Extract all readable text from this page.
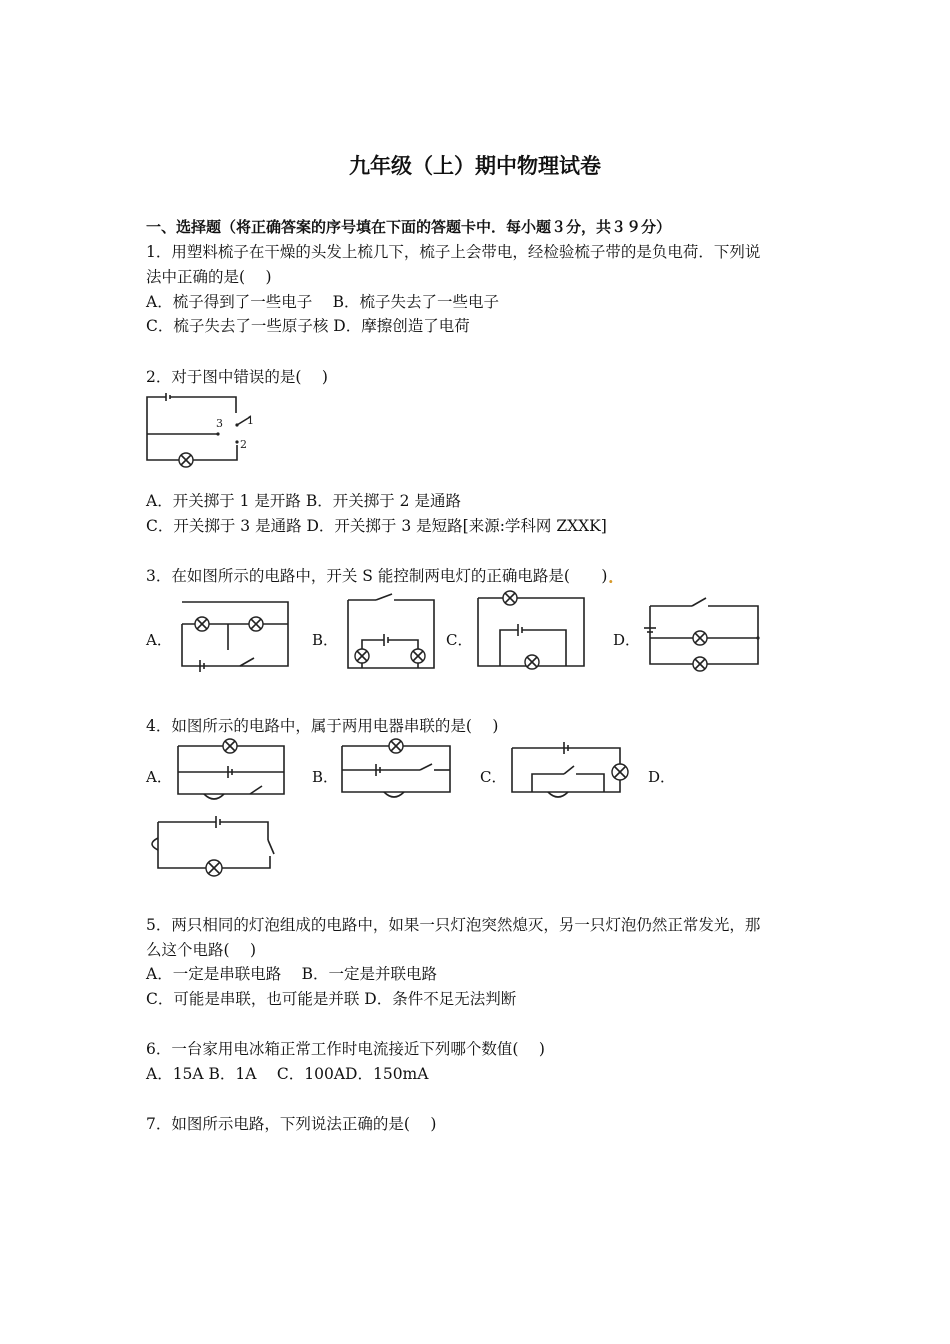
九年级（上）期中物理试卷
一、选择题（将正确答案的序号填在下面的答题卡中．每小题３分，共３９分）
1．用塑料梳子在干燥的头发上梳几下，梳子上会带电，经检验梳子带的是负电荷．下列说
法中正确的是(　 )
A．梳子得到了一些电子　 B．梳子失去了一些电子
C．梳子失去了一些原子核 D．摩擦创造了电荷
2．对于图中错误的是(　 )
3 1
2
A．开关掷于 1 是开路 B．开关掷于 2 是通路
C．开关掷于 3 是通路 D．开关掷于 3 是短路[来源:学科网 ZXXK]
3．在如图所示的电路中，开关 S 能控制两电灯的正确电路是(　) .
A．	B．	C．	D．
4．如图所示的电路中，属于两用电器串联的是(　 )
A．	B．	C．	D．
5．两只相同的灯泡组成的电路中，如果一只灯泡突然熄灭，另一只灯泡仍然正常发光，那
么这个电路(　 )
A．一定是串联电路　 B．一定是并联电路
C．可能是串联，也可能是并联 D．条件不足无法判断
6．一台家用电冰箱正常工作时电流接近下列哪个数值(　 )
A．15A B．1A　 C．100AD．150mA
7．如图所示电路，下列说法正确的是(　 )
